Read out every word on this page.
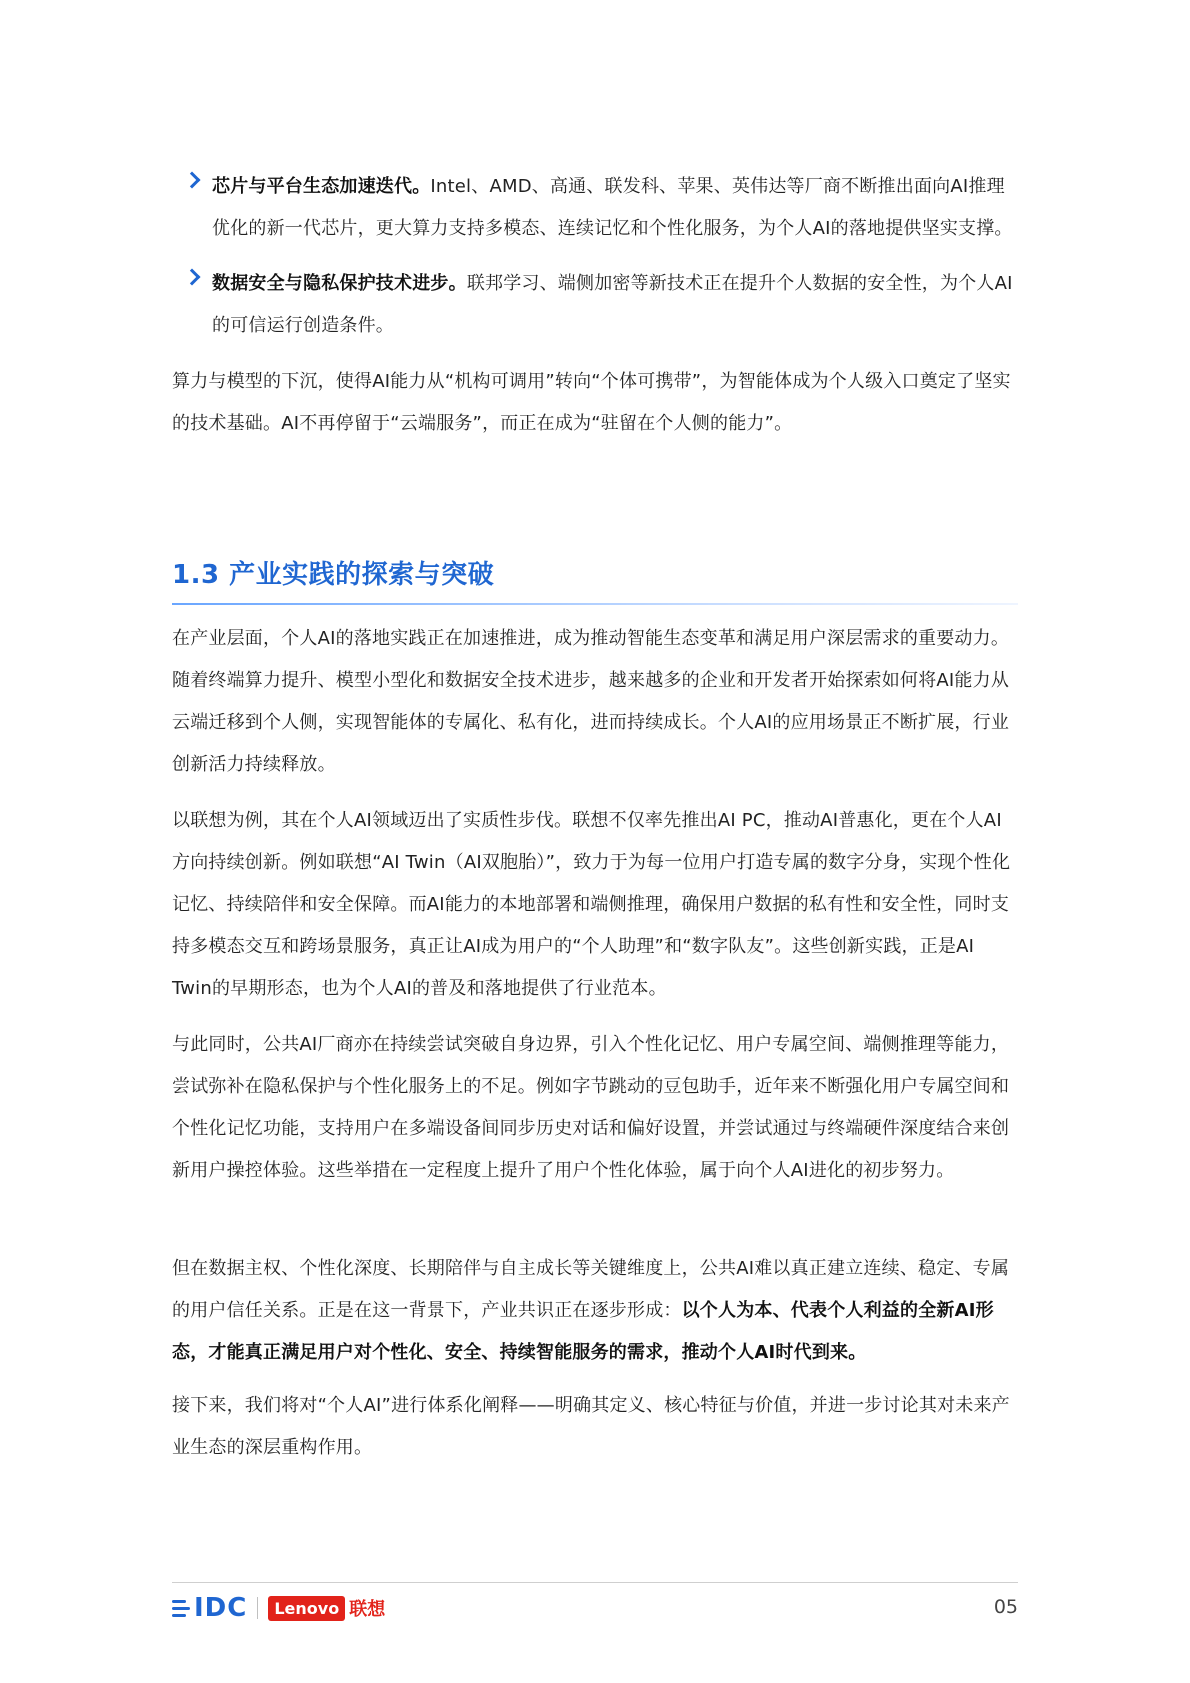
芯片与平台生态加速迭代。Intel、AMD、高通、联发科、苹果、英伟达等厂商不断推出面向AI推理优化的新一代芯片，更大算力支持多模态、连续记忆和个性化服务，为个人AI的落地提供坚实支撑。
数据安全与隐私保护技术进步。联邦学习、端侧加密等新技术正在提升个人数据的安全性，为个人AI的可信运行创造条件。

算力与模型的下沉，使得AI能力从“机构可调用”转向“个体可携带”，为智能体成为个人级入口奠定了坚实的技术基础。AI不再停留于“云端服务”，而正在成为“驻留在个人侧的能力”。

1.3 产业实践的探索与突破

在产业层面，个人AI的落地实践正在加速推进，成为推动智能生态变革和满足用户深层需求的重要动力。随着终端算力提升、模型小型化和数据安全技术进步，越来越多的企业和开发者开始探索如何将AI能力从云端迁移到个人侧，实现智能体的专属化、私有化，进而持续成长。个人AI的应用场景正不断扩展，行业创新活力持续释放。

以联想为例，其在个人AI领域迈出了实质性步伐。联想不仅率先推出AI PC，推动AI普惠化，更在个人AI方向持续创新。例如联想“AI Twin（AI双胞胎）”，致力于为每一位用户打造专属的数字分身，实现个性化记忆、持续陪伴和安全保障。而AI能力的本地部署和端侧推理，确保用户数据的私有性和安全性，同时支持多模态交互和跨场景服务，真正让AI成为用户的“个人助理”和“数字队友”。这些创新实践，正是AI Twin的早期形态，也为个人AI的普及和落地提供了行业范本。

与此同时，公共AI厂商亦在持续尝试突破自身边界，引入个性化记忆、用户专属空间、端侧推理等能力，尝试弥补在隐私保护与个性化服务上的不足。例如字节跳动的豆包助手，近年来不断强化用户专属空间和个性化记忆功能，支持用户在多端设备间同步历史对话和偏好设置，并尝试通过与终端硬件深度结合来创新用户操控体验。这些举措在一定程度上提升了用户个性化体验，属于向个人AI进化的初步努力。

但在数据主权、个性化深度、长期陪伴与自主成长等关键维度上，公共AI难以真正建立连续、稳定、专属的用户信任关系。正是在这一背景下，产业共识正在逐步形成：以个人为本、代表个人利益的全新AI形态，才能真正满足用户对个性化、安全、持续智能服务的需求，推动个人AI时代到来。

接下来，我们将对“个人AI”进行体系化阐释——明确其定义、核心特征与价值，并进一步讨论其对未来产业生态的深层重构作用。

IDC	Lenovo 联想	05
